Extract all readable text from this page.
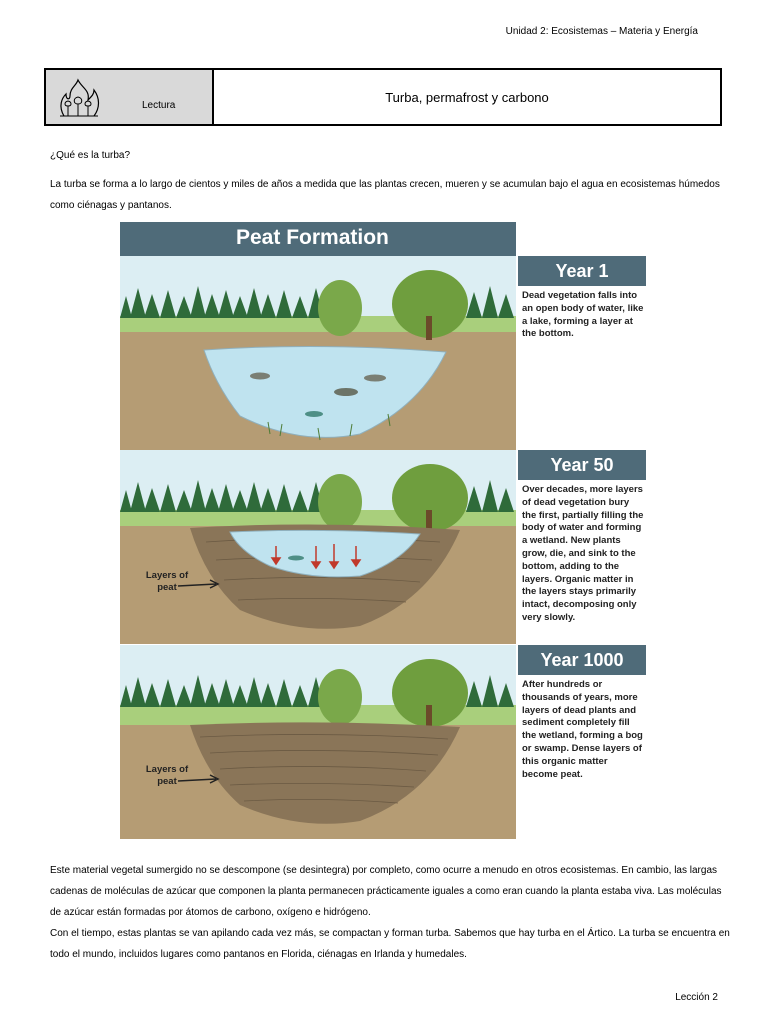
Unidad 2: Ecosistemas – Materia y Energía
Lectura
Turba, permafrost y carbono
¿Qué es la turba?
La turba se forma a lo largo de cientos y miles de años a medida que las plantas crecen, mueren y se acumulan bajo el agua en ecosistemas húmedos como ciénagas y pantanos.
Peat Formation
Year 1
Dead vegetation falls into an open body of water, like a lake, forming a layer at the bottom.
Year 50
Over decades, more layers of dead vegetation bury the first, partially filling the body of water and forming a wetland. New plants grow, die, and sink to the bottom, adding to the layers. Organic matter in the layers stays primarily intact, decomposing only very slowly.
Layers of peat
Year 1000
After hundreds or thousands of years, more layers of dead plants and sediment completely fill the wetland, forming a bog or swamp. Dense layers of this organic matter become peat.
Layers of peat
Este material vegetal sumergido no se descompone (se desintegra) por completo, como ocurre a menudo en otros ecosistemas. En cambio, las largas cadenas de moléculas de azúcar que componen la planta permanecen prácticamente iguales a como eran cuando la planta estaba viva. Las moléculas de azúcar están formadas por átomos de carbono, oxígeno e hidrógeno.
Con el tiempo, estas plantas se van apilando cada vez más, se compactan y forman turba. Sabemos que hay turba en el Ártico. La turba se encuentra en todo el mundo, incluidos lugares como pantanos en Florida, ciénagas en Irlanda y humedales.
Lección 2
